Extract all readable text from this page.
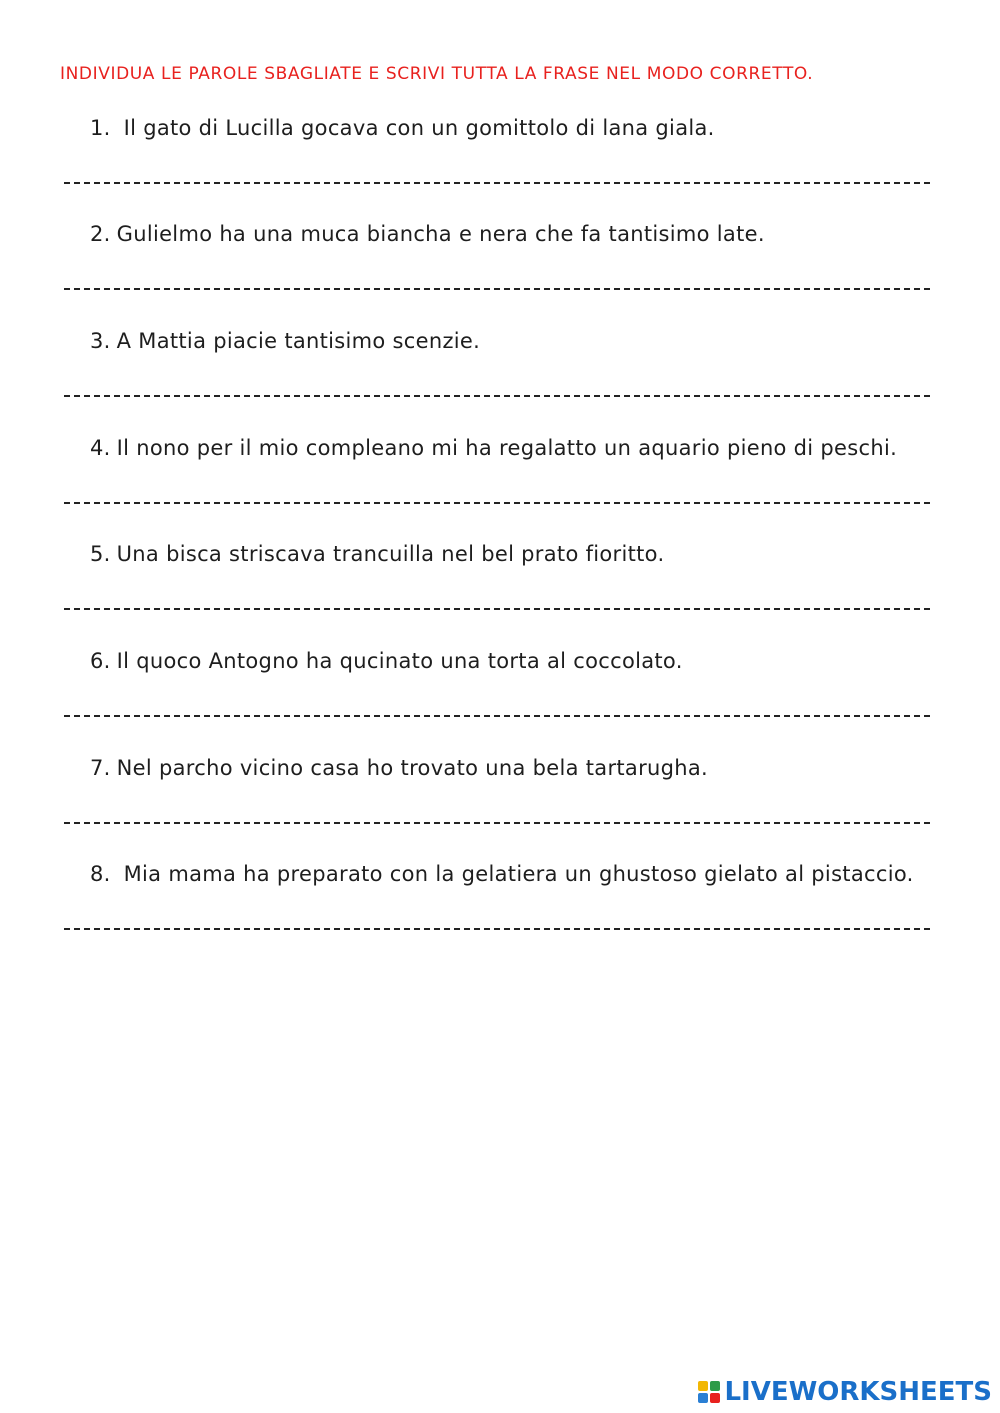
INDIVIDUA LE PAROLE SBAGLIATE E SCRIVI TUTTA LA FRASE NEL MODO CORRETTO.
1. Il gato di Lucilla gocava con un gomittolo di lana giala.
2. Gulielmo ha una muca biancha e nera che fa tantisimo late.
3. A Mattia piacie tantisimo scenzie.
4. Il nono per il mio compleano mi ha regalatto un aquario pieno di peschi.
5. Una bisca striscava trancuilla nel bel prato fioritto.
6. Il quoco Antogno ha qucinato una torta al coccolato.
7. Nel parcho vicino casa ho trovato una bela tartarugha.
8. Mia mama ha preparato con la gelatiera un ghustoso gielato al pistaccio.
LIVEWORKSHEETS
